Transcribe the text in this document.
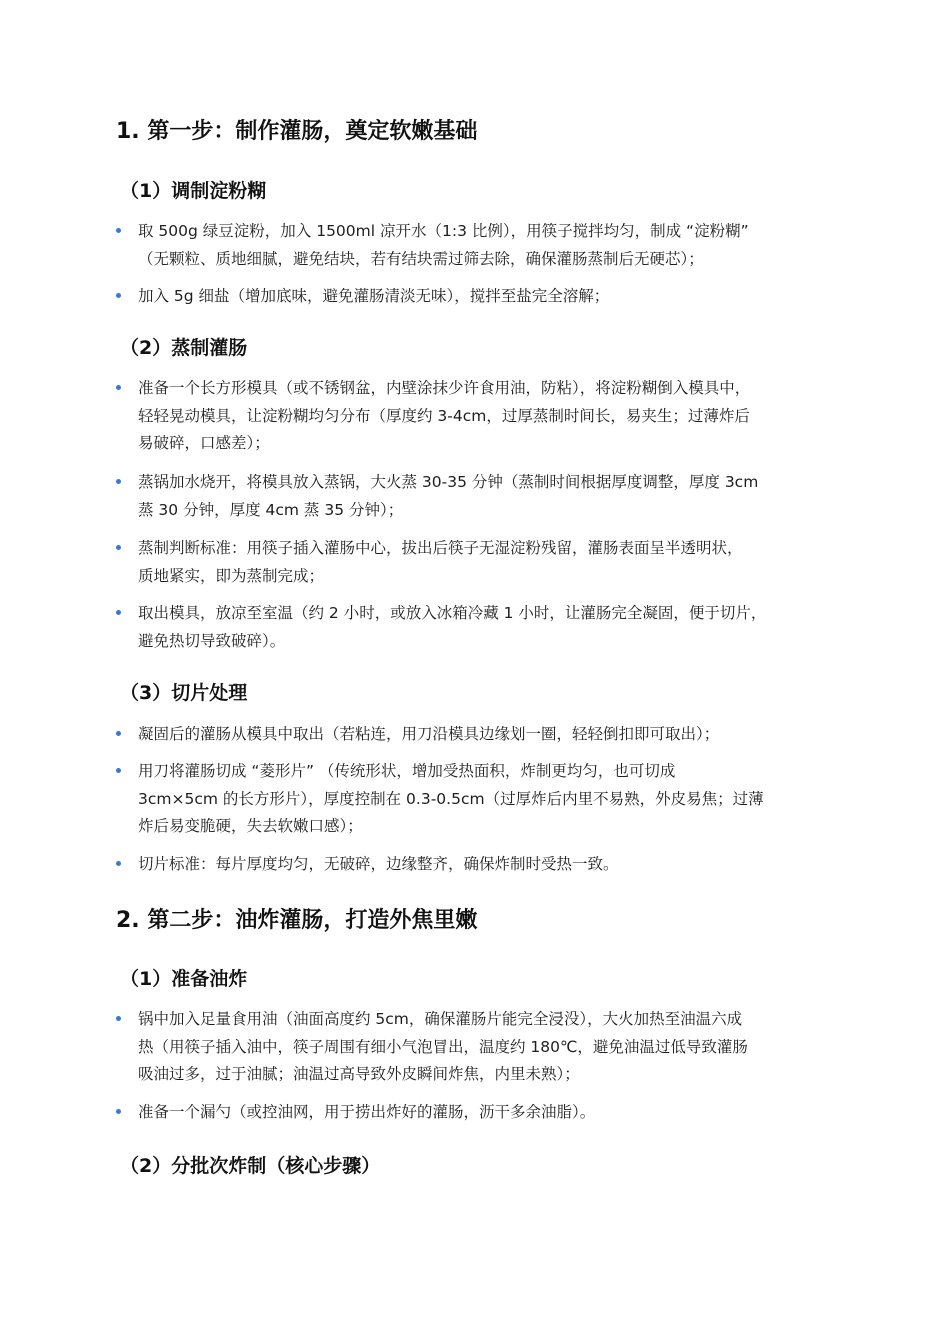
1. 第一步：制作灌肠，奠定软嫩基础
（1）调制淀粉糊
取 500g 绿豆淀粉，加入 1500ml 凉开水（1:3 比例），用筷子搅拌均匀，制成 “淀粉糊”
（无颗粒、质地细腻，避免结块，若有结块需过筛去除，确保灌肠蒸制后无硬芯）；
加入 5g 细盐（增加底味，避免灌肠清淡无味），搅拌至盐完全溶解；
（2）蒸制灌肠
准备一个长方形模具（或不锈钢盆，内壁涂抹少许食用油，防粘），将淀粉糊倒入模具中，
轻轻晃动模具，让淀粉糊均匀分布（厚度约 3-4cm，过厚蒸制时间长，易夹生；过薄炸后
易破碎，口感差）；
蒸锅加水烧开，将模具放入蒸锅，大火蒸 30-35 分钟（蒸制时间根据厚度调整，厚度 3cm
蒸 30 分钟，厚度 4cm 蒸 35 分钟）；
蒸制判断标准：用筷子插入灌肠中心，拔出后筷子无湿淀粉残留，灌肠表面呈半透明状，
质地紧实，即为蒸制完成；
取出模具，放凉至室温（约 2 小时，或放入冰箱冷藏 1 小时，让灌肠完全凝固，便于切片，
避免热切导致破碎）。
（3）切片处理
凝固后的灌肠从模具中取出（若粘连，用刀沿模具边缘划一圈，轻轻倒扣即可取出）；
用刀将灌肠切成 “菱形片” （传统形状，增加受热面积，炸制更均匀，也可切成
3cm×5cm 的长方形片），厚度控制在 0.3-0.5cm（过厚炸后内里不易熟，外皮易焦；过薄
炸后易变脆硬，失去软嫩口感）；
切片标准：每片厚度均匀，无破碎，边缘整齐，确保炸制时受热一致。
2. 第二步：油炸灌肠，打造外焦里嫩
（1）准备油炸
锅中加入足量食用油（油面高度约 5cm，确保灌肠片能完全浸没），大火加热至油温六成
热（用筷子插入油中，筷子周围有细小气泡冒出，温度约 180℃，避免油温过低导致灌肠
吸油过多，过于油腻；油温过高导致外皮瞬间炸焦，内里未熟）；
准备一个漏勺（或控油网，用于捞出炸好的灌肠，沥干多余油脂）。
（2）分批次炸制（核心步骤）
